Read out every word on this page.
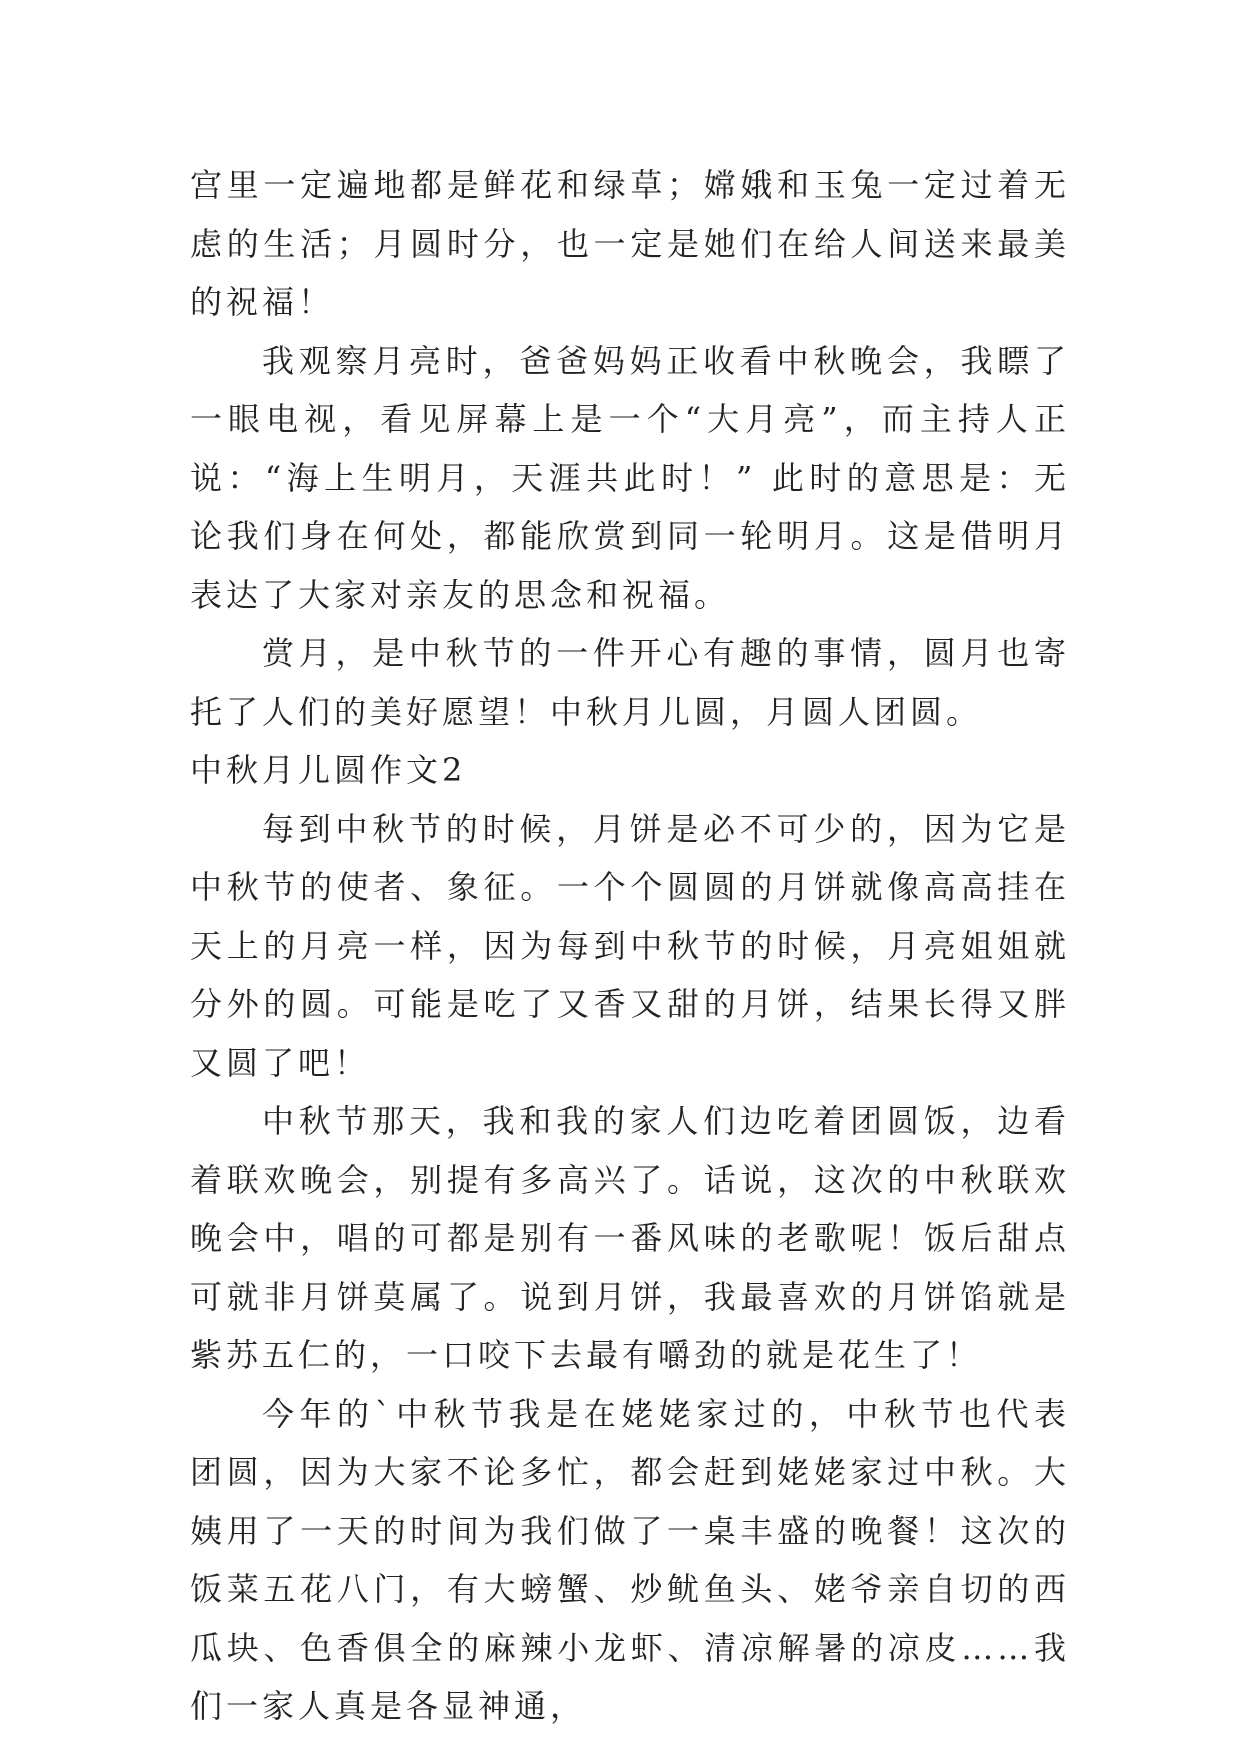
宫里一定遍地都是鲜花和绿草；嫦娥和玉兔一定过着无虑的生活；月圆时分，也一定是她们在给人间送来最美的祝福！

我观察月亮时，爸爸妈妈正收看中秋晚会，我瞟了一眼电视，看见屏幕上是一个“大月亮”，而主持人正说：“海上生明月，天涯共此时！” 此时的意思是：无论我们身在何处，都能欣赏到同一轮明月。这是借明月表达了大家对亲友的思念和祝福。

赏月，是中秋节的一件开心有趣的事情，圆月也寄托了人们的美好愿望！中秋月儿圆，月圆人团圆。

中秋月儿圆作文2

每到中秋节的时候，月饼是必不可少的，因为它是中秋节的使者、象征。一个个圆圆的月饼就像高高挂在天上的月亮一样，因为每到中秋节的时候，月亮姐姐就分外的圆。可能是吃了又香又甜的月饼，结果长得又胖又圆了吧！

中秋节那天，我和我的家人们边吃着团圆饭，边看着联欢晚会，别提有多高兴了。话说，这次的中秋联欢晚会中，唱的可都是别有一番风味的老歌呢！饭后甜点可就非月饼莫属了。说到月饼，我最喜欢的月饼馅就是紫苏五仁的，一口咬下去最有嚼劲的就是花生了！

今年的`中秋节我是在姥姥家过的，中秋节也代表团圆，因为大家不论多忙，都会赶到姥姥家过中秋。大姨用了一天的时间为我们做了一桌丰盛的晚餐！这次的饭菜五花八门，有大螃蟹、炒鱿鱼头、姥爷亲自切的西瓜块、色香俱全的麻辣小龙虾、清凉解暑的凉皮……我们一家人真是各显神通，
